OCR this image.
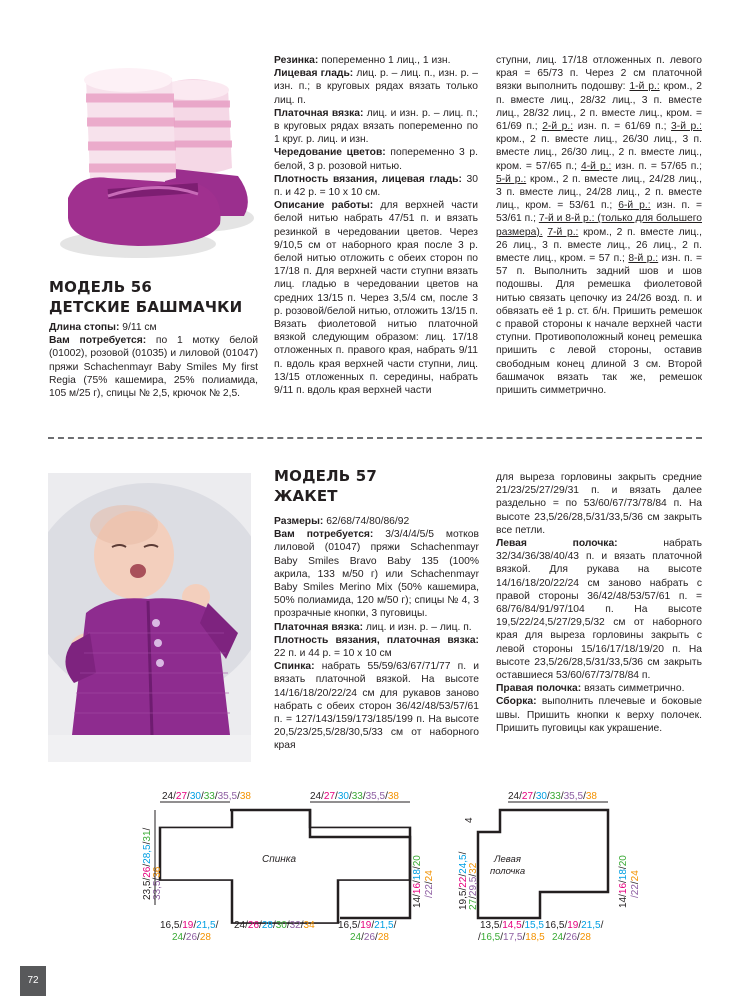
МОДЕЛЬ 56
ДЕТСКИЕ БАШМАЧКИ

Длина стопы: 9/11 см

Вам потребуется: по 1 мотку белой (01002), розовой (01035) и лиловой (01047) пряжи Schachenmayr Baby Smiles My first Regia (75% кашемира, 25% полиамида, 105 м/25 г), спицы № 2,5, крючок № 2,5.

Резинка: попеременно 1 лиц., 1 изн.

Лицевая гладь: лиц. р. – лиц. п., изн. р. – изн. п.; в круговых рядах вязать только лиц. п.

Платочная вязка: лиц. и изн. р. – лиц. п.; в круговых рядах вязать попеременно по 1 круг. р. лиц. и изн.

Чередование цветов: попеременно 3 р. белой, 3 р. розовой нитью.

Плотность вязания, лицевая гладь: 30 п. и 42 р. = 10 х 10 см.

Описание работы: для верхней части белой нитью набрать 47/51 п. и вязать резинкой в чередовании цветов. Через 9/10,5 см от наборного края после 3 р. белой нитью отложить с обеих сторон по 17/18 п. Для верхней части ступни вязать лиц. гладью в чередовании цветов на средних 13/15 п. Через 3,5/4 см, после 3 р. розовой/белой нитью, отложить 13/15 п. Вязать фиолетовой нитью платочной вязкой следующим образом: лиц. 17/18 отложенных п. правого края, набрать 9/11 п. вдоль края верхней части ступни, лиц. 13/15 отложенных п. середины, набрать 9/11 п. вдоль края верхней части

ступни, лиц. 17/18 отложенных п. левого края = 65/73 п. Через 2 см платочной вязки выполнить подошву: 1-й р.: кром., 2 п. вместе лиц., 28/32 лиц., 3 п. вместе лиц., 28/32 лиц., 2 п. вместе лиц., кром. = 61/69 п.; 2-й р.: изн. п. = 61/69 п.; 3-й р.: кром., 2 п. вместе лиц., 26/30 лиц., 3 п. вместе лиц., 26/30 лиц., 2 п. вместе лиц., кром. = 57/65 п.; 4-й р.: изн. п. = 57/65 п.; 5-й р.: кром., 2 п. вместе лиц., 24/28 лиц., 3 п. вместе лиц., 24/28 лиц., 2 п. вместе лиц., кром. = 53/61 п.; 6-й р.: изн. п. = 53/61 п.; 7-й и 8-й р.: (только для большего размера). 7-й р.: кром., 2 п. вместе лиц., 26 лиц., 3 п. вместе лиц., 26 лиц., 2 п. вместе лиц., кром. = 57 п.; 8-й р.: изн. п. = 57 п. Выполнить задний шов и шов подошвы. Для ремешка фиолетовой нитью связать цепочку из 24/26 возд. п. и обвязать её 1 р. ст. б/н. Пришить ремешок с правой стороны к начале верхней части ступни. Противоположный конец ремешка пришить с левой стороны, оставив свободным конец длиной 3 см. Второй башмачок вязать так же, ремешок пришить симметрично.

МОДЕЛЬ 57
ЖАКЕТ

Размеры: 62/68/74/80/86/92

Вам потребуется: 3/3/4/4/5/5 мотков лиловой (01047) пряжи Schachenmayr Baby Smiles Bravo Baby 135 (100% акрила, 133 м/50 г) или Schachenmayr Baby Smiles Merino Mix (50% кашемира, 50% полиамида, 120 м/50 г); спицы № 4, 3 прозрачные кнопки, 3 пуговицы.

Платочная вязка: лиц. и изн. р. – лиц. п.

Плотность вязания, платочная вязка: 22 п. и 44 р. = 10 х 10 см

Спинка: набрать 55/59/63/67/71/77 п. и вязать платочной вязкой. На высоте 14/16/18/20/22/24 см для рукавов заново набрать с обеих сторон 36/42/48/53/57/61 п. = 127/143/159/173/185/199 п. На высоте 20,5/23/25,5/28/30,5/33 см от наборного края

для выреза горловины закрыть средние 21/23/25/27/29/31 п. и вязать далее раздельно = по 53/60/67/73/78/84 п. На высоте 23,5/26/28,5/31/33,5/36 см закрыть все петли.

Левая полочка:	набрать 32/34/36/38/40/43 п. и вязать платочной вязкой. Для рукава на высоте 14/16/18/20/22/24 см заново набрать с правой стороны 36/42/48/53/57/61 п. = 68/76/84/91/97/104 п. На высоте 19,5/22/24,5/27/29,5/32 см от наборного края для выреза горловины закрыть с левой стороны 15/16/17/18/19/20 п. На высоте 23,5/26/28,5/31/33,5/36 см закрыть оставшиеся 53/60/67/73/78/84 п.

Правая полочка: вязать симметрично.

Сборка: выполнить плечевые и боковые швы. Пришить кнопки к верху полочек. Пришить пуговицы как украшение.

24/27/30/33/35,5/38	24/27/30/33/35,5/38
23,5/26/28,5/31/
33,5/36
14/16/18/20
/22/24
Спинка
16,5/19/21,5/
24/26/28
24/26/28/30/32/34 16,5/19/21,5/
24/26/28
24/27/30/33/35,5/38
4
19,5/22/24,5/
27/29,5/32
Левая
полочка
14/16/18/20
/22/24
13,5/14,5/15,5
/16,5/17,5/18,5
16,5/19/21,5/
24/26/28
72
